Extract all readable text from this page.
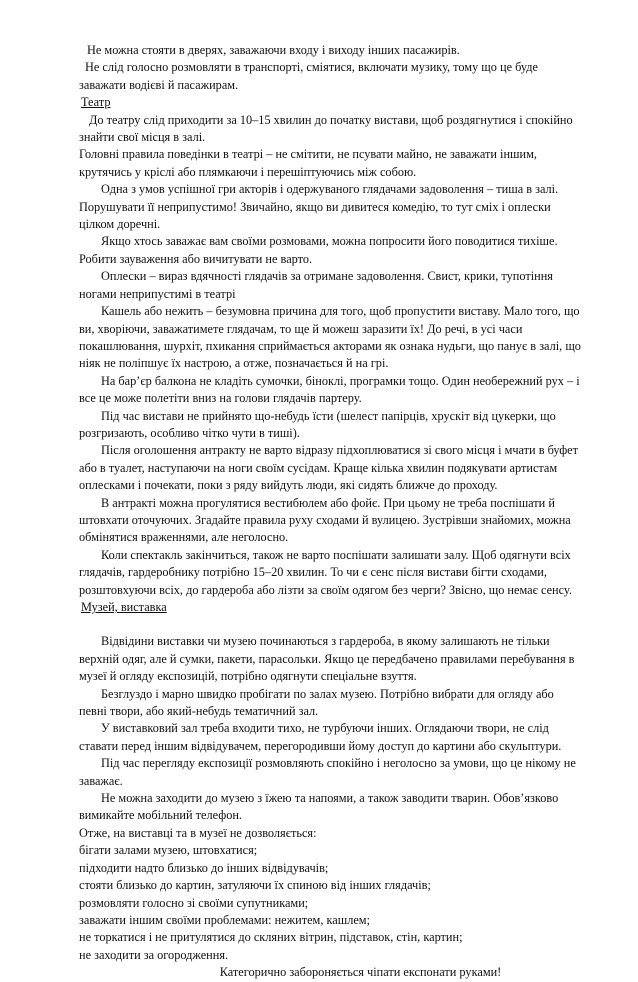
Не можна стояти в дверях, заважаючи входу і виходу інших пасажирів.

Не слід голосно розмовляти в транспорті, сміятися, включати музику, тому що це буде заважати водієві й пасажирам.

Театр

До театру слід приходити за 10–15 хвилин до початку вистави, щоб роздягнутися і спокійно знайти свої місця в залі.

Головні правила поведінки в театрі – не смітити, не псувати майно, не заважати іншим, крутячись у кріслі або плямкаючи і перешіптуючись між собою.

Одна з умов успішної гри акторів і одержуваного глядачами задоволення – тиша в залі. Порушувати її неприпустимо! Звичайно, якщо ви дивитеся комедію, то тут сміх і оплески цілком доречні.

Якщо хтось заважає вам своїми розмовами, можна попросити його поводитися тихіше. Робити зауваження або вичитувати не варто.

Оплески – вираз вдячності глядачів за отримане задоволення. Свист, крики, тупотіння ногами неприпустимі в театрі

Кашель або нежить – безумовна причина для того, щоб пропустити виставу. Мало того, що ви, хворіючи, заважатимете глядачам, то ще й можеш заразити їх! До речі, в усі часи покашлювання, шурхіт, пхикання сприймається акторами як ознака нудьги, що панує в залі, що ніяк не поліпшує їх настрою, а отже, позначається й на грі.

На бар’єр балкона не кладіть сумочки, біноклі, програмки тощо. Один необережний рух – і все це може полетіти вниз на голови глядачів партеру.

Під час вистави не прийнято що-небудь їсти (шелест папірців, хрускіт від цукерки, що розгризають, особливо чітко чути в тиші).

Після оголошення антракту не варто відразу підхоплюватися зі свого місця і мчати в буфет або в туалет, наступаючи на ноги своїм сусідам. Краще кілька хвилин подякувати артистам оплесками і почекати, поки з ряду вийдуть люди, які сидять ближче до проходу.

В антракті можна прогулятися вестибюлем або фойє. При цьому не треба поспішати й штовхати оточуючих. Згадайте правила руху сходами й вулицею. Зустрівши знайомих, можна обмінятися враженнями, але неголосно.

Коли спектакль закінчиться, також не варто поспішати залишати залу. Щоб одягнути всіх глядачів, гардеробнику потрібно 15–20 хвилин. То чи є сенс після вистави бігти сходами, розштовхуючи всіх, до гардероба або лізти за своїм одягом без черги? Звісно, що немає сенсу.

Музей, виставка

Відвідини виставки чи музею починаються з гардероба, в якому залишають не тільки верхній одяг, але й сумки, пакети, парасольки. Якщо це передбачено правилами перебування в музеї й огляду експозицій, потрібно одягнути спеціальне взуття.

Безглуздо і марно швидко пробігати по залах музею. Потрібно вибрати для огляду або певні твори, або який-небудь тематичний зал.

У виставковий зал треба входити тихо, не турбуючи інших. Оглядаючи твори, не слід ставати перед іншим відвідувачем, перегородивши йому доступ до картини або скульптури.

Під час перегляду експозиції розмовляють спокійно і неголосно за умови, що це нікому не заважає.

Не можна заходити до музею з їжею та напоями, а також заводити тварин. Обов’язково вимикайте мобільний телефон.

Отже, на виставці та в музеї не дозволяється:

бігати залами музею, штовхатися;

підходити надто близько до інших відвідувачів;

стояти близько до картин, затуляючи їх спиною від інших глядачів;

розмовляти голосно зі своїми супутниками;

заважати іншим своїми проблемами: нежитем, кашлем;

не торкатися і не притулятися до скляних вітрин, підставок, стін, картин;

не заходити за огородження.

Категорично забороняється чіпати експонати руками!
